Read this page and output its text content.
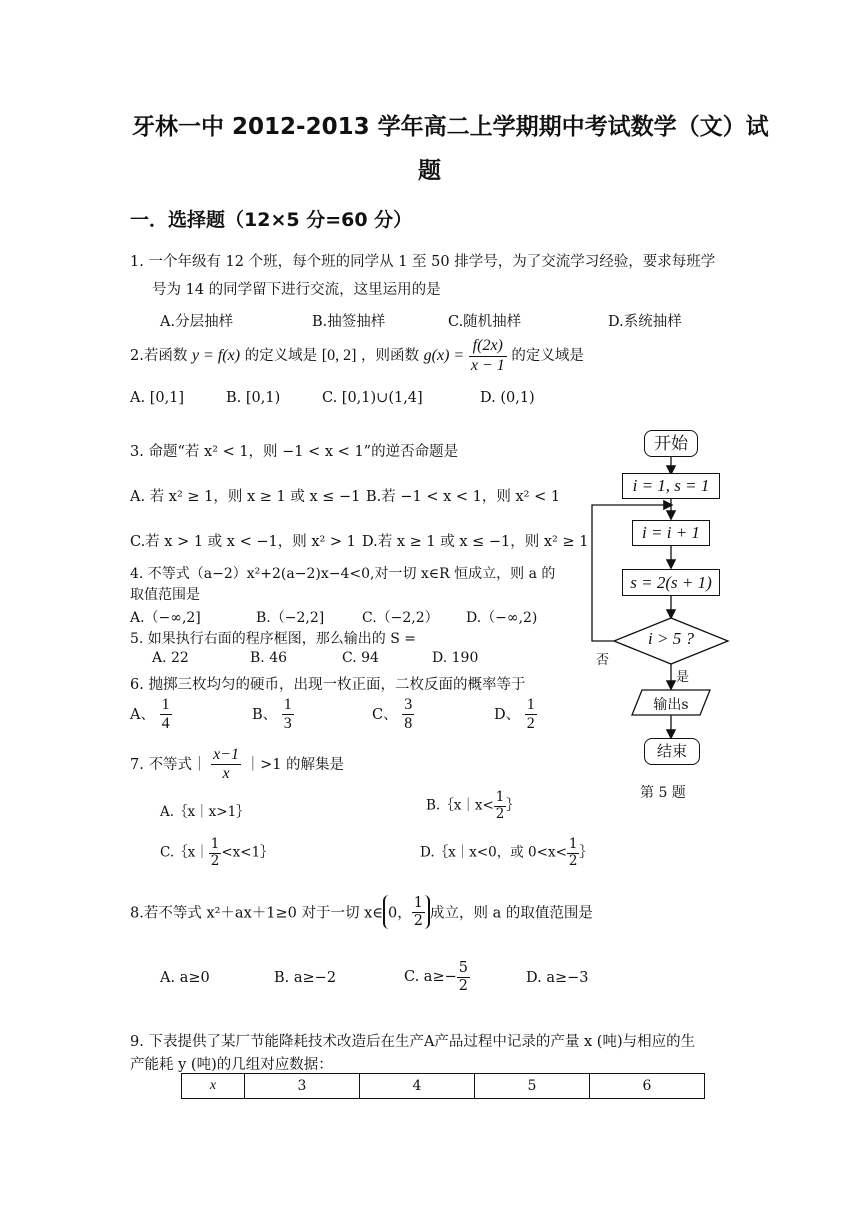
牙林一中 2012-2013 学年高二上学期期中考试数学（文）试
题
一．选择题（12×5 分=60 分）
1. 一个年级有 12 个班，每个班的同学从 1 至 50 排学号，为了交流学习经验，要求每班学
号为 14 的同学留下进行交流，这里运用的是
A.分层抽样	B.抽签抽样	C.随机抽样	D.系统抽样
2.若函数 y = f(x) 的定义域是 [0, 2] ，则函数 $g(x) = \frac{f(2x)}{x - 1}$ 的定义域是
A. [0,1]	B. [0,1)	C. [0,1)∪(1,4]	D. (0,1)
3. 命题“若 x² < 1，则 −1 < x < 1”的逆否命题是
A. 若 x² ≥ 1，则 x ≥ 1 或 x ≤ −1 B.若 −1 < x < 1，则 x² < 1
C.若 x > 1 或 x < −1，则 x² > 1 D.若 x ≥ 1 或 x ≤ −1，则 x² ≥ 1
4. 不等式（a−2）x²+2(a−2)x−4<0,对一切 x∈R 恒成立，则 a 的
取值范围是
A.（−∞,2]	B.（−2,2]	C.（−2,2） D.（−∞,2)
5. 如果执行右面的程序框图，那么输出的 S =
A. 22	B. 46	C. 94	D. 190
6. 抛掷三枚均匀的硬币，出现一枚正面，二枚反面的概率等于
A、 $\frac{1}{4}$	B、 $\frac{1}{3}$	C、 $\frac{3}{8}$	D、 $\frac{1}{2}$
7. 不等式｜ $\frac{x-1}{x}$ ｜>1 的解集是
A.｛x｜x>1｝	B.｛x｜x< $\frac{1}{2}$ ｝
C.｛x｜ $\frac{1}{2}$ <x<1｝	D.｛x｜x<0，或 $0<x< \frac{1}{2}$ ｝
8.若不等式 x²＋ax＋1≥0 对于一切 x∈ 0， $\frac{1}{2}$ 成立，则 a 的取值范围是
A. a≥0	B. a≥−2	C. $a\ge- \frac{5}{2}$	D. a≥−3
9. 下表提供了某厂节能降耗技术改造后在生产A产品过程中记录的产量 x (吨)与相应的生
产能耗 y (吨)的几组对应数据：
x	3	4	5	6
开始
i = 1, s = 1
i = i + 1
i > 5 ?
s = 2(s + 1)
否
是
输出s
结束
第 5 题
